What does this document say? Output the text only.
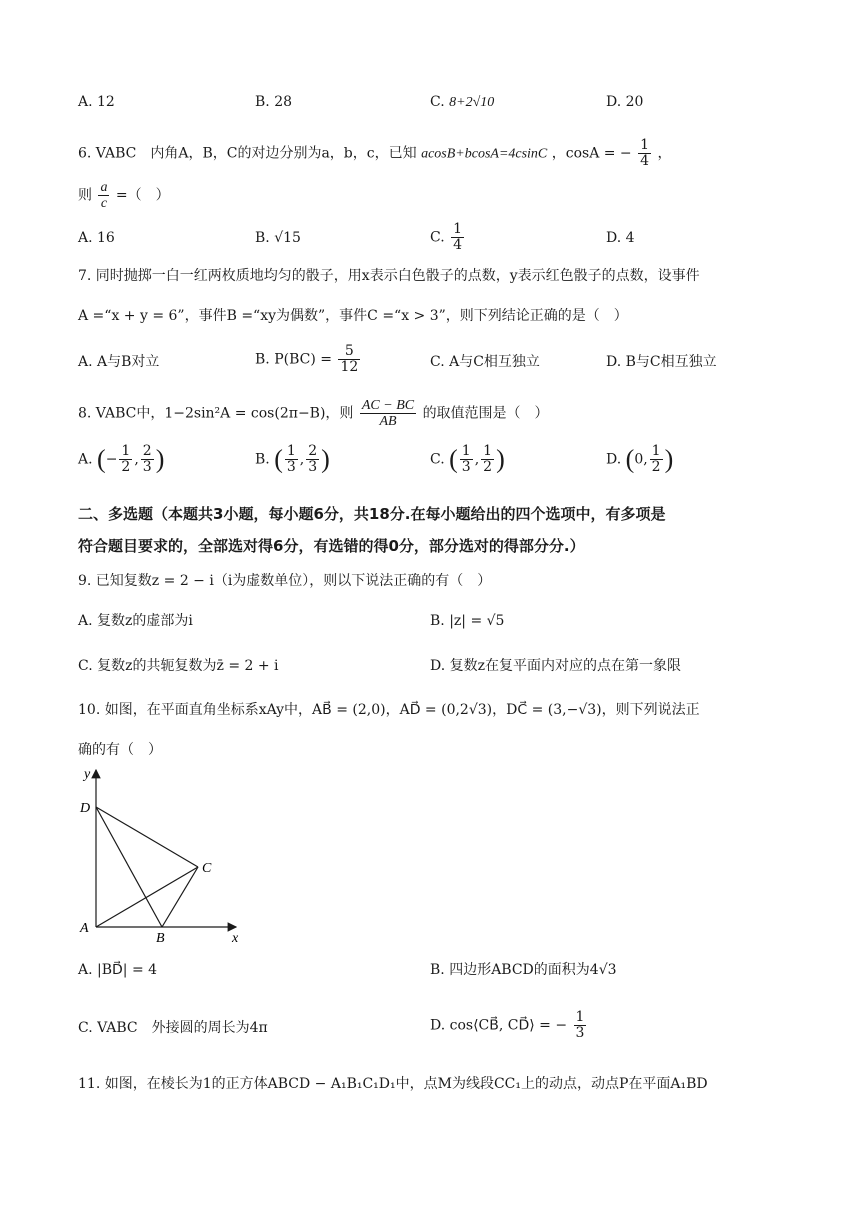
A. 12	B. 28	C. 8+2√10	D. 20
6. VABC　内角A，B，C的对边分别为a，b，c，已知 acosB+bcosA=4csinC ，cosA = − $\frac{1}{4}$ ，
则 $\frac{a}{c}$ =（　）
A. 16	B. √15	C. $\frac{1}{4}$	D. 4
7. 同时抛掷一白一红两枚质地均匀的骰子，用x表示白色骰子的点数，y表示红色骰子的点数，设事件
A =“x + y = 6”，事件B =“xy为偶数”，事件C =“x > 3”，则下列结论正确的是（　）
A. A与B对立	B. $P(BC) = \frac{5}{12}$	C. A与C相互独立	D. B与C相互独立
8. VABC中，1−2sin²A = cos(2π−B)，则 $\frac{AC - BC}{AB}$ 的取值范围是（　）
A. (− $\frac{1}{2}$ , $\frac{2}{3}$ )	B. ( $\frac{1}{3}$ , $\frac{2}{3}$ )	C. ( $\frac{1}{3}$ , $\frac{1}{2}$ )	D. (0, $\frac{1}{2}$ )
二、多选题（本题共3小题，每小题6分，共18分.在每小题给出的四个选项中，有多项是
符合题目要求的，全部选对得6分，有选错的得0分，部分选对的得部分分.）
9. 已知复数z = 2 − i（i为虚数单位），则以下说法正确的有（　）
A. 复数z的虚部为i	B. |z| = √5
C. 复数z的共轭复数为z̄ = 2 + i	D. 复数z在复平面内对应的点在第一象限
10. 如图，在平面直角坐标系xAy中，AB⃗ = (2,0)，AD⃗ = (0,2√3)，DC⃗ = (3,−√3)，则下列说法正
确的有（　）
y
x
D
A
B
C
A. |BD⃗| = 4	B. 四边形ABCD的面积为4√3
C. VABC　外接圆的周长为4π	D. cos⟨CB⃗, CD⃗⟩ = − $\frac{1}{3}$
11. 如图，在棱长为1的正方体ABCD − A₁B₁C₁D₁中，点M为线段CC₁上的动点，动点P在平面A₁BD
